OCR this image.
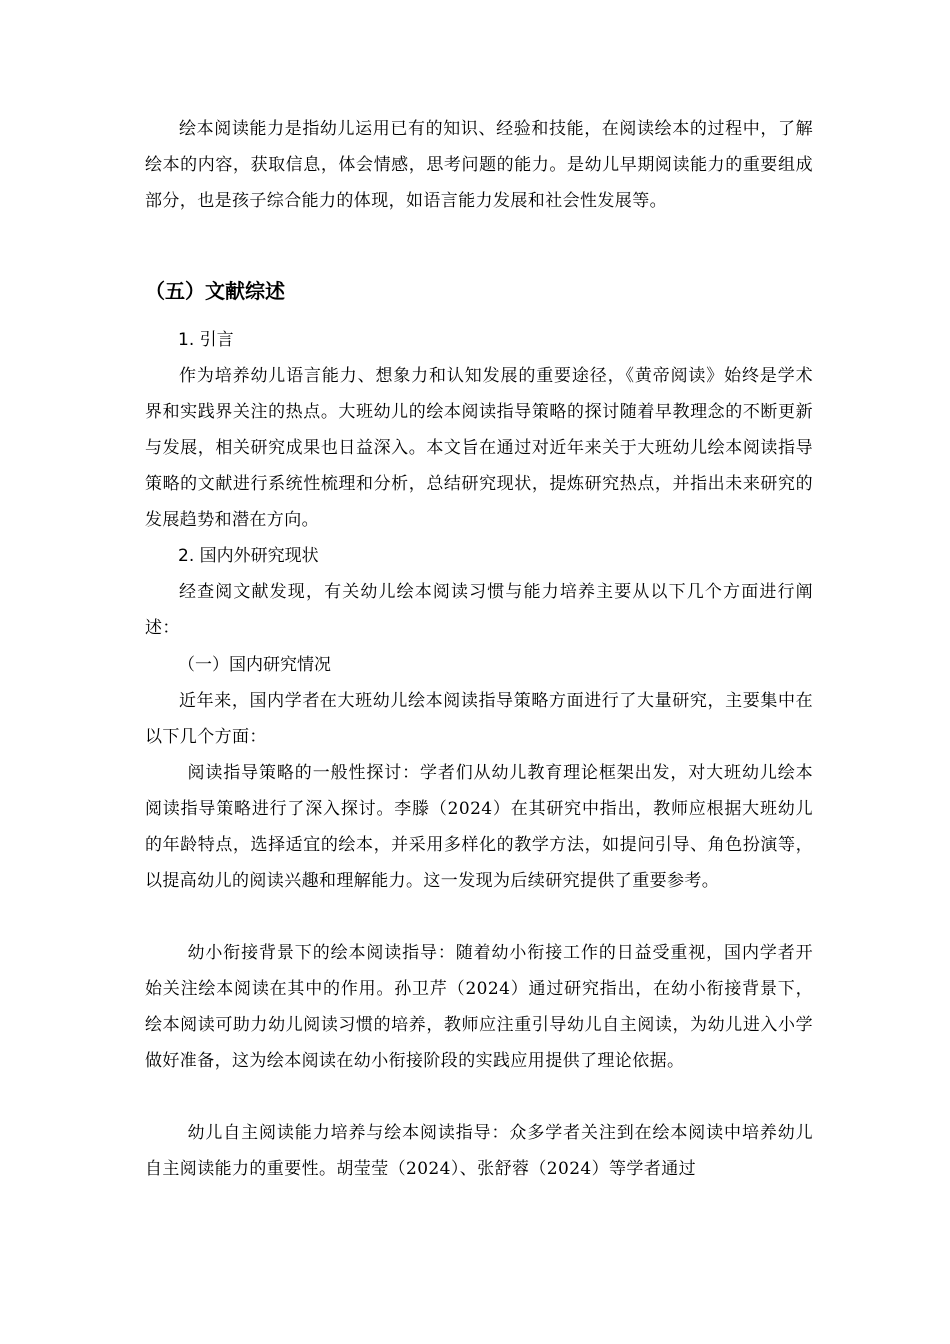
绘本阅读能力是指幼儿运用已有的知识、经验和技能，在阅读绘本的过程中，了解绘本的内容，获取信息，体会情感，思考问题的能力。是幼儿早期阅读能力的重要组成部分，也是孩子综合能力的体现，如语言能力发展和社会性发展等。

（五）文献综述

1. 引言

作为培养幼儿语言能力、想象力和认知发展的重要途径，《黄帝阅读》始终是学术界和实践界关注的热点。大班幼儿的绘本阅读指导策略的探讨随着早教理念的不断更新与发展，相关研究成果也日益深入。本文旨在通过对近年来关于大班幼儿绘本阅读指导策略的文献进行系统性梳理和分析，总结研究现状，提炼研究热点，并指出未来研究的发展趋势和潜在方向。

2. 国内外研究现状

经查阅文献发现，有关幼儿绘本阅读习惯与能力培养主要从以下几个方面进行阐述：

（一）国内研究情况

近年来，国内学者在大班幼儿绘本阅读指导策略方面进行了大量研究，主要集中在以下几个方面：

阅读指导策略的一般性探讨：学者们从幼儿教育理论框架出发，对大班幼儿绘本阅读指导策略进行了深入探讨。李滕（2024）在其研究中指出，教师应根据大班幼儿的年龄特点，选择适宜的绘本，并采用多样化的教学方法，如提问引导、角色扮演等，以提高幼儿的阅读兴趣和理解能力。这一发现为后续研究提供了重要参考。

幼小衔接背景下的绘本阅读指导：随着幼小衔接工作的日益受重视，国内学者开始关注绘本阅读在其中的作用。孙卫芹（2024）通过研究指出，在幼小衔接背景下，绘本阅读可助力幼儿阅读习惯的培养，教师应注重引导幼儿自主阅读，为幼儿进入小学做好准备，这为绘本阅读在幼小衔接阶段的实践应用提供了理论依据。

幼儿自主阅读能力培养与绘本阅读指导：众多学者关注到在绘本阅读中培养幼儿自主阅读能力的重要性。胡莹莹（2024）、张舒蓉（2024）等学者通过
